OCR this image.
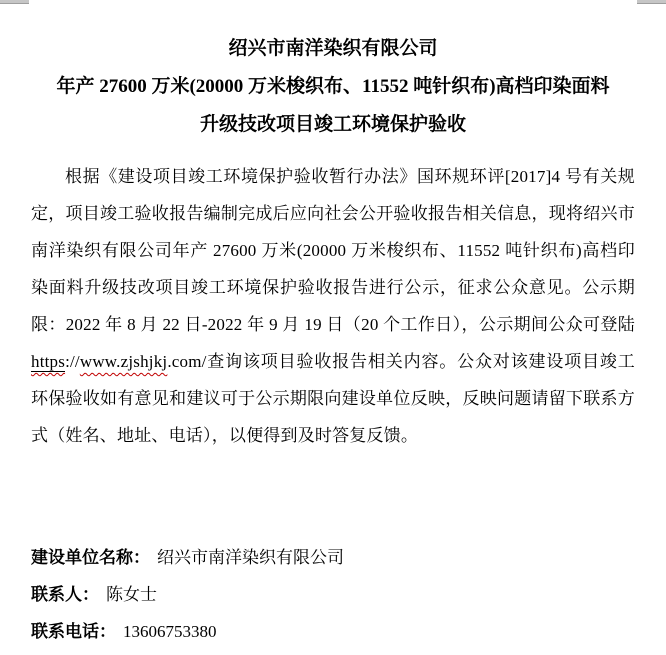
绍兴市南洋染织有限公司
年产 27600 万米(20000 万米梭织布、11552 吨针织布)高档印染面料
升级技改项目竣工环境保护验收

根据《建设项目竣工环境保护验收暂行办法》国环规环评[2017]4 号有关规定，项目竣工验收报告编制完成后应向社会公开验收报告相关信息，现将绍兴市南洋染织有限公司年产 27600 万米(20000 万米梭织布、11552 吨针织布)高档印染面料升级技改项目竣工环境保护验收报告进行公示，征求公众意见。公示期限：2022 年 8 月 22 日-2022 年 9 月 19 日（20 个工作日），公示期间公众可登陆https://www.zjshjkj.com/查询该项目验收报告相关内容。公众对该建设项目竣工环保验收如有意见和建议可于公示期限向建设单位反映，反映问题请留下联系方式（姓名、地址、电话），以便得到及时答复反馈。

建设单位名称： 绍兴市南洋染织有限公司
联系人： 陈女士
联系电话： 13606753380
